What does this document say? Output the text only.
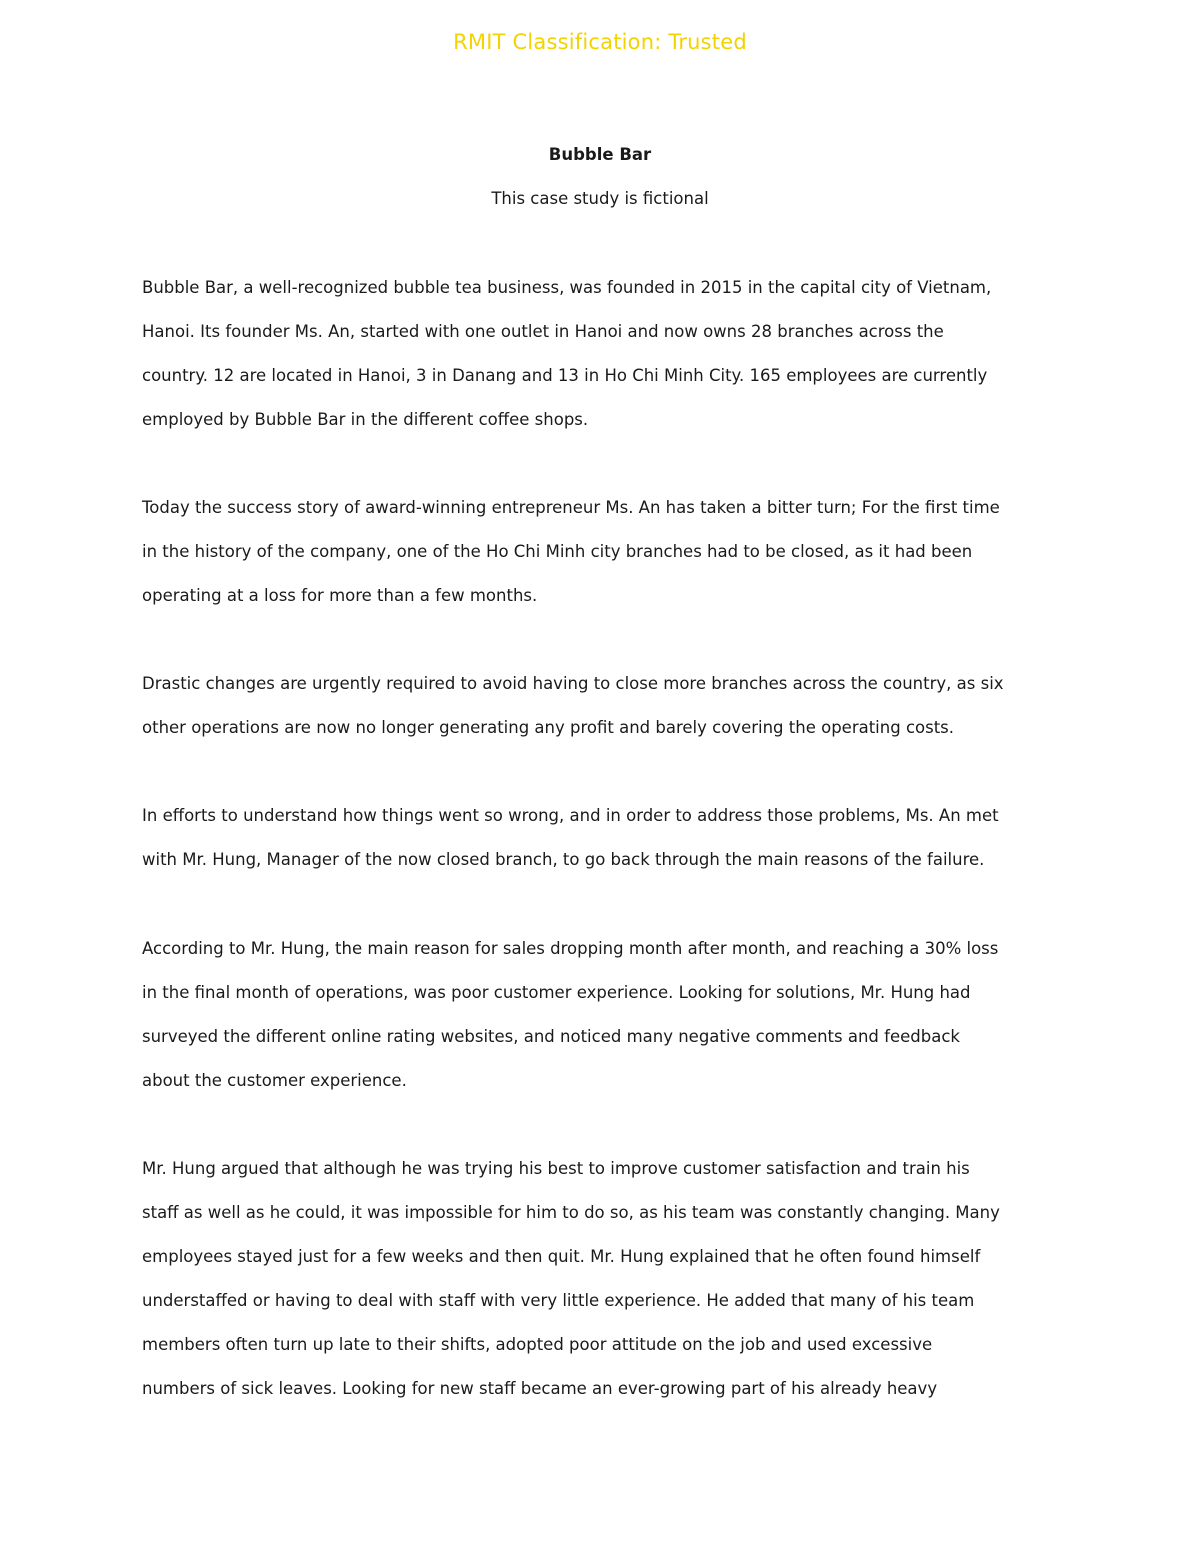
RMIT Classification: Trusted
Bubble Bar
This case study is fictional
Bubble Bar, a well-recognized bubble tea business, was founded in 2015 in the capital city of Vietnam,
Hanoi. Its founder Ms. An, started with one outlet in Hanoi and now owns 28 branches across the
country. 12 are located in Hanoi, 3 in Danang and 13 in Ho Chi Minh City. 165 employees are currently
employed by Bubble Bar in the different coffee shops.
Today the success story of award-winning entrepreneur Ms. An has taken a bitter turn; For the first time
in the history of the company, one of the Ho Chi Minh city branches had to be closed, as it had been
operating at a loss for more than a few months.
Drastic changes are urgently required to avoid having to close more branches across the country, as six
other operations are now no longer generating any profit and barely covering the operating costs.
In efforts to understand how things went so wrong, and in order to address those problems, Ms. An met
with Mr. Hung, Manager of the now closed branch, to go back through the main reasons of the failure.
According to Mr. Hung, the main reason for sales dropping month after month, and reaching a 30% loss
in the final month of operations, was poor customer experience. Looking for solutions, Mr. Hung had
surveyed the different online rating websites, and noticed many negative comments and feedback
about the customer experience.
Mr. Hung argued that although he was trying his best to improve customer satisfaction and train his
staff as well as he could, it was impossible for him to do so, as his team was constantly changing. Many
employees stayed just for a few weeks and then quit. Mr. Hung explained that he often found himself
understaffed or having to deal with staff with very little experience. He added that many of his team
members often turn up late to their shifts, adopted poor attitude on the job and used excessive
numbers of sick leaves. Looking for new staff became an ever-growing part of his already heavy
